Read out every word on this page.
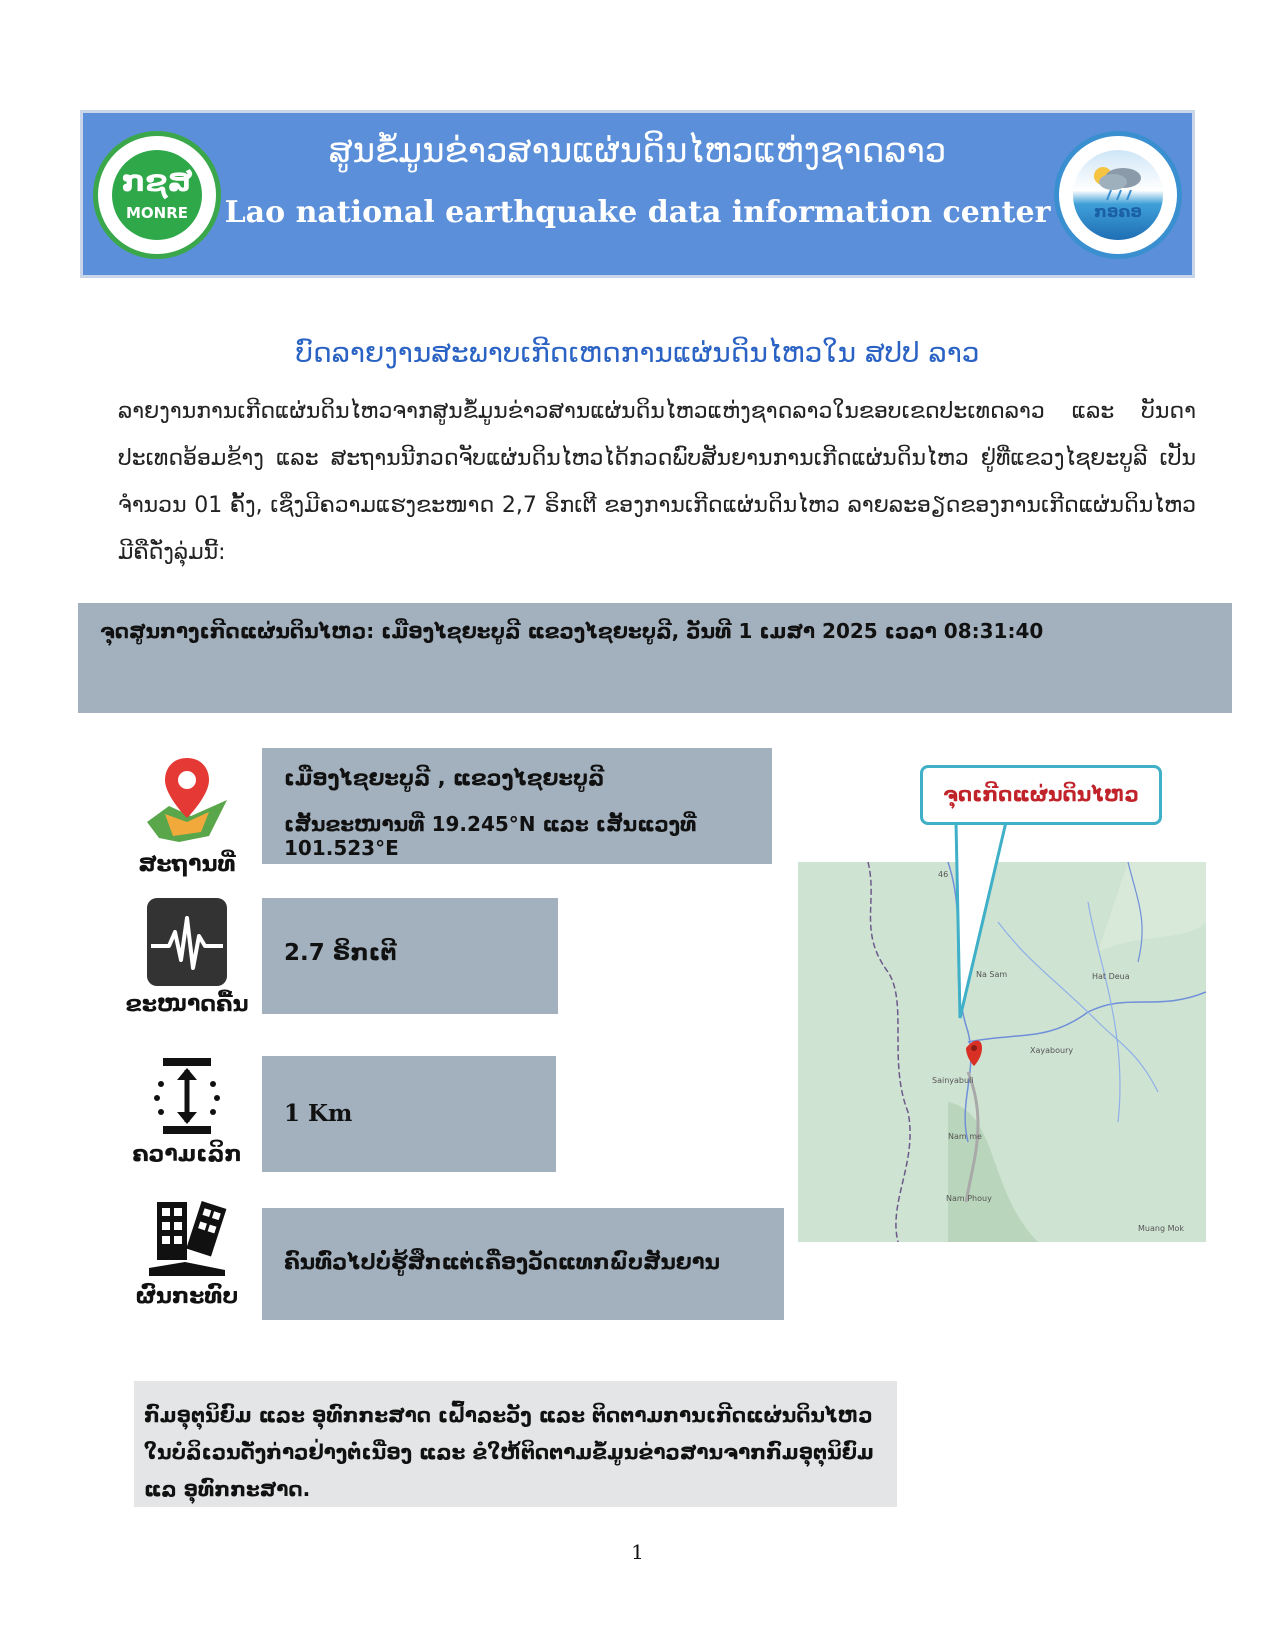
ກຊສ
MONRE
ສູນຂໍ້ມູນຂ່າວສານແຜ່ນດິນໄຫວແຫ່ງຊາດລາວ
Lao national earthquake data information center	ກອຄອ
ບົດລາຍງານສະພາບເກີດເຫດການແຜ່ນດິນໄຫວໃນ ສປປ ລາວ
ລາຍງານການເກີດແຜ່ນດິນໄຫວຈາກສູນຂໍ້ມູນຂ່າວສານແຜ່ນດິນໄຫວແຫ່ງຊາດລາວໃນຂອບເຂດປະເທດລາວ ແລະ ບັນດາປະເທດອ້ອມຂ້າງ ແລະ ສະຖານນີກວດຈັບແຜ່ນດິນໄຫວໄດ້ກວດພົບສັນຍານການເກີດແຜ່ນດິນໄຫວ ຢູ່ທີ່ແຂວງໄຊຍະບູລີ ເປັນຈຳນວນ 01 ຄັ້ງ, ເຊິ່ງມີຄວາມແຮງຂະໜາດ 2,7 ຣິກເຕີ ຂອງການເກີດແຜ່ນດິນໄຫວ ລາຍລະອຽດຂອງການເກີດແຜ່ນດິນໄຫວ ມີຄືດັ່ງລຸ່ມນີ້:
ຈຸດສູນກາງເກີດແຜ່ນດິນໄຫວ: ເມືອງໄຊຍະບູລີ ແຂວງໄຊຍະບູລີ, ວັນທີ 1 ເມສາ 2025 ເວລາ 08:31:40
ສະຖານທີ່
ເມືອງໄຊຍະບູລີ , ແຂວງໄຊຍະບູລີ
ເສັ້ນຂະໜານທີ່ 19.245°N ແລະ ເສັ້ນແວງທີ່ 101.523°E
ຂະໜາດຄື້ນ
2.7 ຣິກເຕີ
ຄວາມເລິກ
1 Km
ຜົນກະທົບ
ຄົນທົ່ວໄປບໍ່ຮູ້ສຶກແຕ່ເຄື່ອງວັດແທກພົບສັນຍານ
Na Sam	Hat Deua
Xayaboury
Sainyabuli
Nam me
Nam Phouy
Muang Mok
46
ຈຸດເກີດແຜ່ນດິນໄຫວ
ກົມອຸຕຸນິຍົມ ແລະ ອຸທົກກະສາດ ເຝົ້າລະວັງ ແລະ ຕິດຕາມການເກີດແຜ່ນດິນໄຫວ ໃນບໍລິເວນດັ່ງກ່າວຢ່າງຕໍ່ເນື່ອງ ແລະ ຂໍໃຫ້ຕິດຕາມຂໍ້ມູນຂ່າວສານຈາກກົມອຸຕຸນິຍົມ ແລ ອຸທົກກະສາດ.
1
